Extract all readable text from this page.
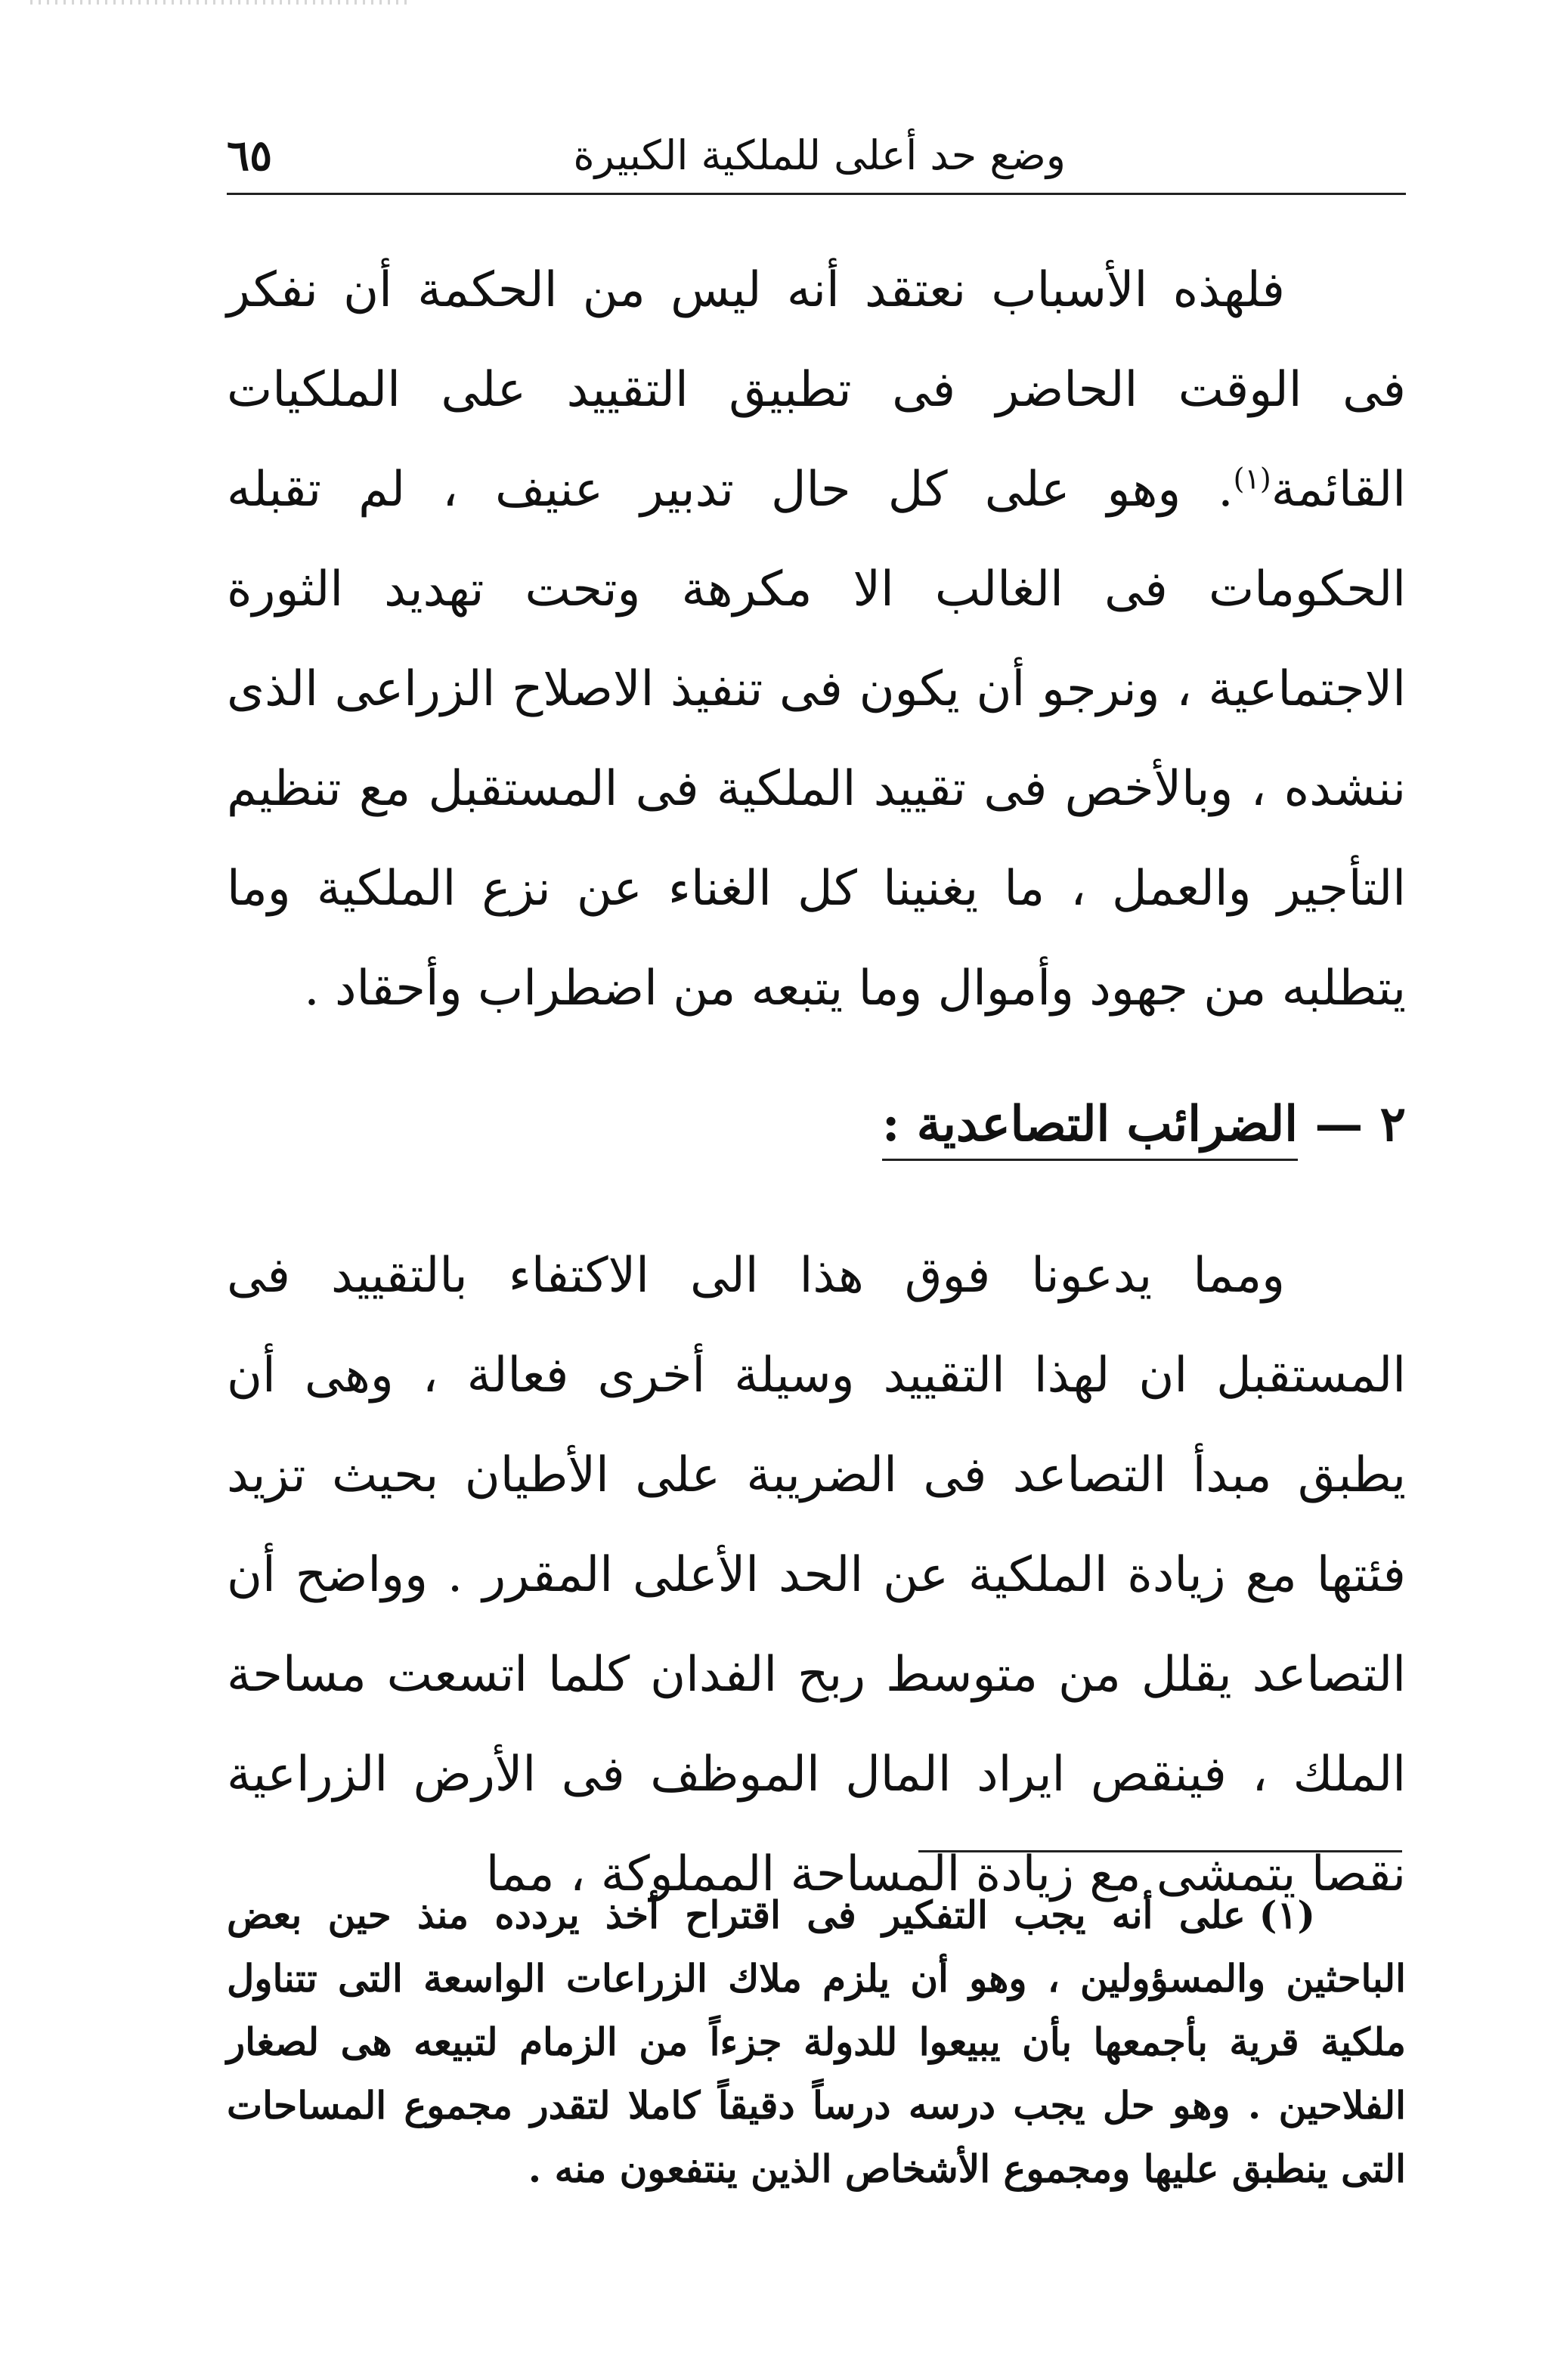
وضع حد أعلى للملكية الكبيرة
٦٥

فلهذه الأسباب نعتقد أنه ليس من الحكمة أن نفكر فى الوقت الحاضر فى تطبيق التقييد على الملكيات القائمة$^{(١)}$. وهو على كل حال تدبير عنيف ، لم تقبله الحكومات فى الغالب الا مكرهة وتحت تهديد الثورة الاجتماعية ، ونرجو أن يكون فى تنفيذ الاصلاح الزراعى الذى ننشده ، وبالأخص فى تقييد الملكية فى المستقبل مع تنظيم التأجير والعمل ، ما يغنينا كل الغناء عن نزع الملكية وما يتطلبه من جهود وأموال وما يتبعه من اضطراب وأحقاد .

٢ — الضرائب التصاعدية :

ومما يدعونا فوق هذا الى الاكتفاء بالتقييد فى المستقبل ان لهذا التقييد وسيلة أخرى فعالة ، وهى أن يطبق مبدأ التصاعد فى الضريبة على الأطيان بحيث تزيد فئتها مع زيادة الملكية عن الحد الأعلى المقرر . وواضح أن التصاعد يقلل من متوسط ربح الفدان كلما اتسعت مساحة الملك ، فينقص ايراد المال الموظف فى الأرض الزراعية نقصا يتمشى مع زيادة المساحة المملوكة ، مما

(١)على أنه يجب التفكير فى اقتراح أخذ يردده منذ حين بعض الباحثين والمسؤولين ، وهو أن يلزم ملاك الزراعات الواسعة التى تتناول ملكية قرية بأجمعها بأن يبيعوا للدولة جزءاً من الزمام لتبيعه هى لصغار الفلاحين . وهو حل يجب درسه درساً دقيقاً كاملا لتقدر مجموع المساحات التى ينطبق عليها ومجموع الأشخاص الذين ينتفعون منه .
